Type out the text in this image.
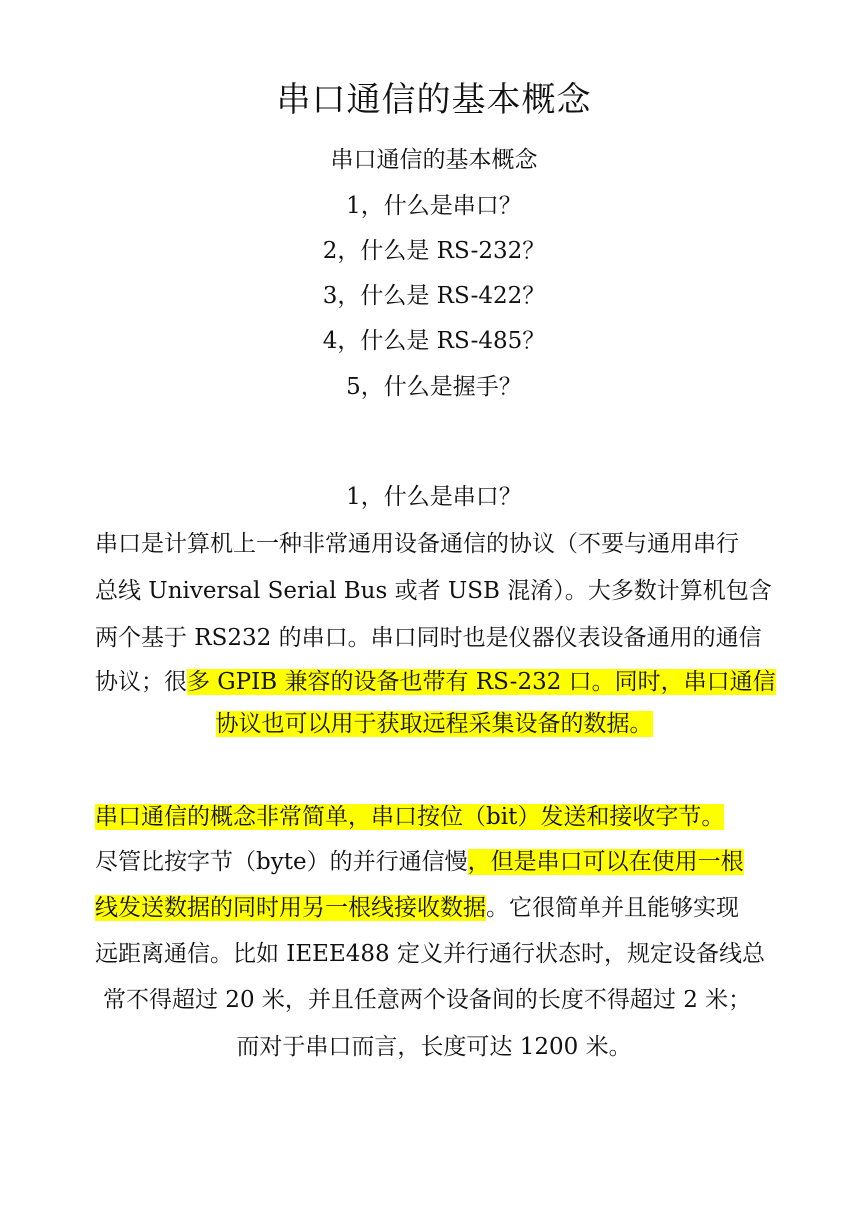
串口通信的基本概念
串口通信的基本概念
1，什么是串口？
2，什么是 RS-232？
3，什么是 RS-422？
4，什么是 RS-485？
5，什么是握手？
1，什么是串口？
串口是计算机上一种非常通用设备通信的协议（不要与通用串行
总线 Universal Serial Bus 或者 USB 混淆）。大多数计算机包含
两个基于 RS232 的串口。串口同时也是仪器仪表设备通用的通信
协议；很多 GPIB 兼容的设备也带有 RS-232 口。同时，串口通信
协议也可以用于获取远程采集设备的数据。
串口通信的概念非常简单，串口按位（bit）发送和接收字节。
尽管比按字节（byte）的并行通信慢，但是串口可以在使用一根
线发送数据的同时用另一根线接收数据。它很简单并且能够实现
远距离通信。比如 IEEE488 定义并行通行状态时，规定设备线总
常不得超过 20 米，并且任意两个设备间的长度不得超过 2 米；
而对于串口而言，长度可达 1200 米。
